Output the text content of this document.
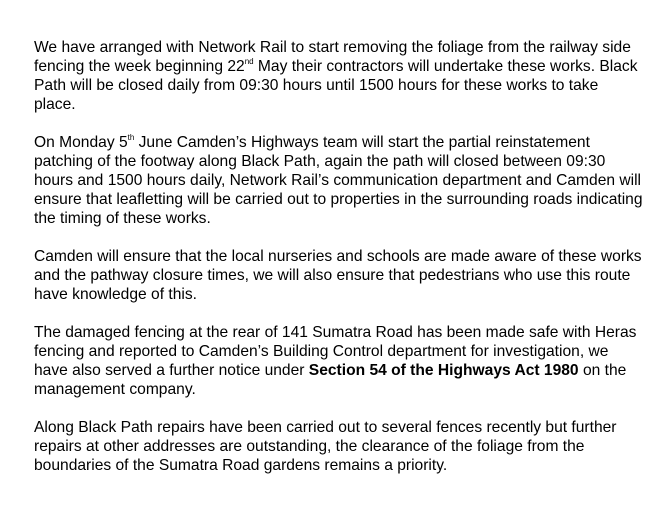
We have arranged with Network Rail to start removing the foliage from the railway side fencing the week beginning 22nd May their contractors will undertake these works. Black Path will be closed daily from 09:30 hours until 1500 hours for these works to take place.

On Monday 5th June Camden’s Highways team will start the partial reinstatement patching of the footway along Black Path, again the path will closed between 09:30 hours and 1500 hours daily, Network Rail’s communication department and Camden will ensure that leafletting will be carried out to properties in the surrounding roads indicating the timing of these works.

Camden will ensure that the local nurseries and schools are made aware of these works and the pathway closure times, we will also ensure that pedestrians who use this route have knowledge of this.

The damaged fencing at the rear of 141 Sumatra Road has been made safe with Heras fencing and reported to Camden’s Building Control department for investigation, we have also served a further notice under Section 54 of the Highways Act 1980 on the management company.

Along Black Path repairs have been carried out to several fences recently but further repairs at other addresses are outstanding, the clearance of the foliage from the boundaries of the Sumatra Road gardens remains a priority.
